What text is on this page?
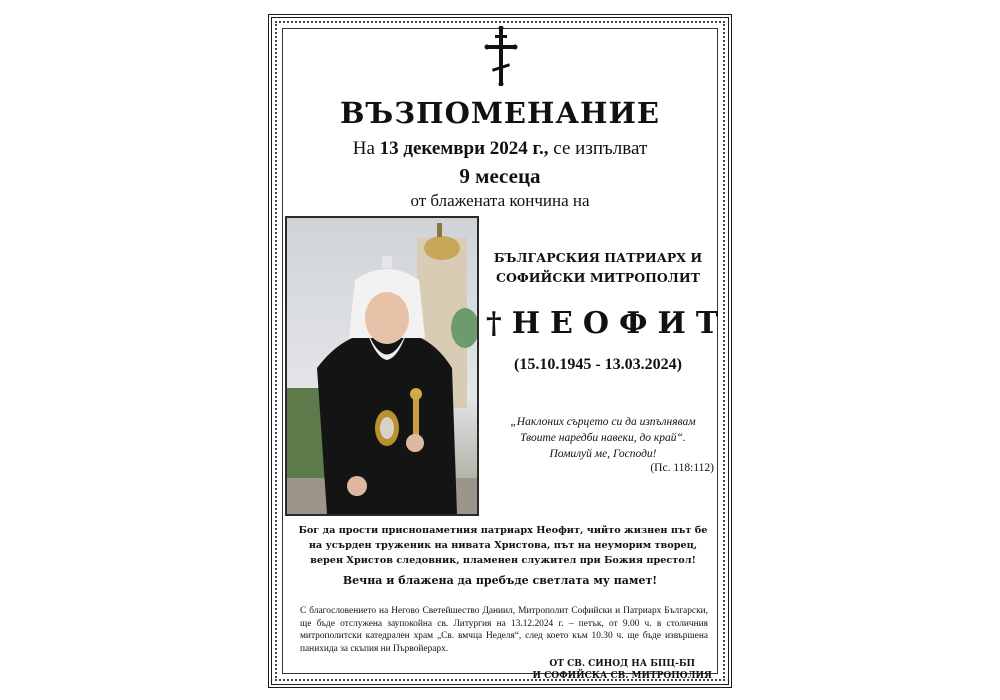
ВЪЗПОМЕНАНИЕ
На 13 декември 2024 г., се изпълват
9 месеца
от блажената кончина на
БЪЛГАРСКИЯ ПАТРИАРХ И
СОФИЙСКИ МИТРОПОЛИТ
†НЕОФИТ
(15.10.1945 - 13.03.2024)
„Наклоних сърцето си да изпълнявам
Твоите наредби навеки, до край“.
Помилуй ме, Господи!
(Пс. 118:112)
Бог да прости приснопаметния патриарх Неофит, чийто жизнен път бе на усърден труженик на нивата Христова, път на неуморим творец, верен Христов следовник, пламенен служител при Божия престол!
Вечна и блажена да пребъде светлата му памет!
С благословението на Негово Светейшество Даниил, Митрополит Софийски и Патриарх Български, ще бъде отслужена заупокойна св. Литургия на 13.12.2024 г. – петък, от 9.00 ч. в столичния митрополитски катедрален храм „Св. вмчца Неделя“, след което към 10.30 ч. ще бъде извършена панихида за скъпия ни Първойерарх.
ОТ СВ. СИНОД НА БПЦ-БП
И СОФИЙСКА СВ. МИТРОПОЛИЯ
